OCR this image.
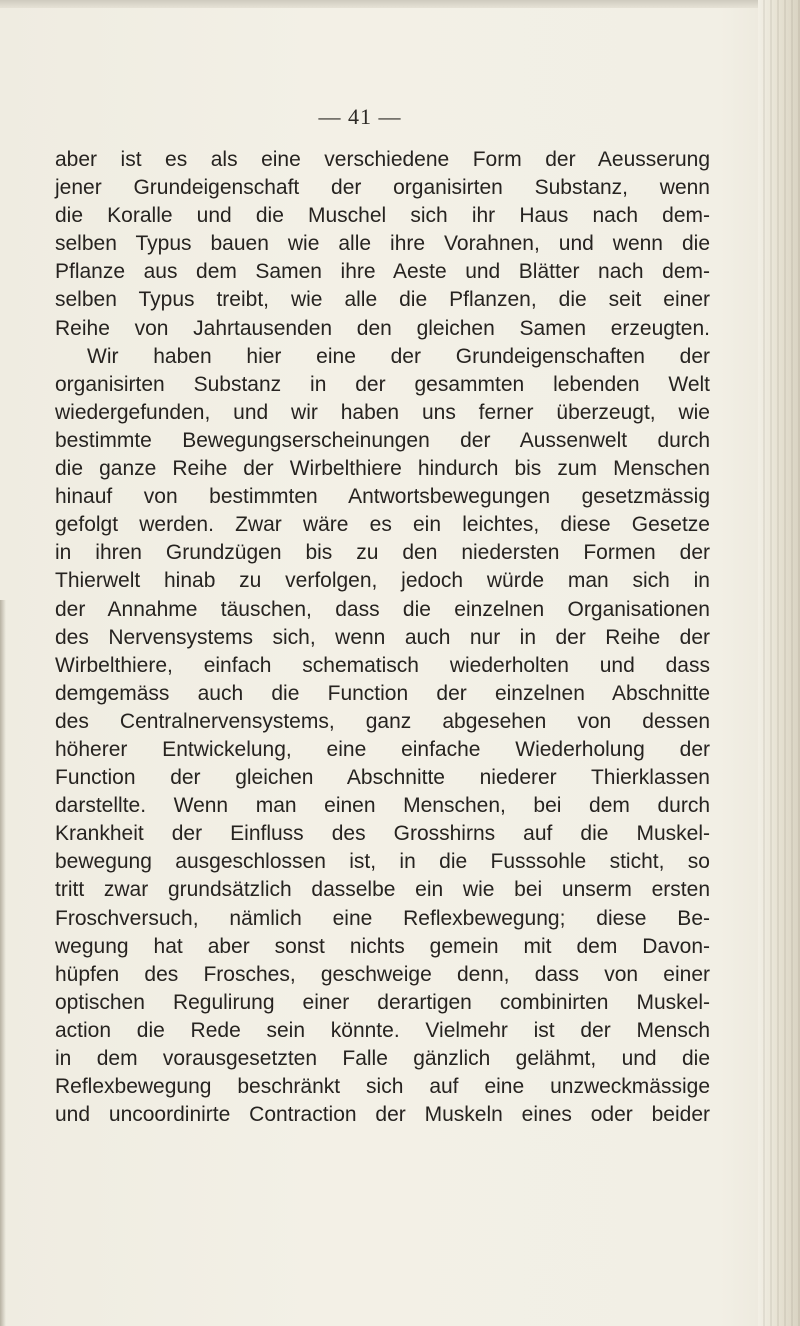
— 41 —
aber ist es als eine verschiedene Form der Aeusserung
jener Grundeigenschaft der organisirten Substanz, wenn
die Koralle und die Muschel sich ihr Haus nach dem-
selben Typus bauen wie alle ihre Vorahnen, und wenn die
Pflanze aus dem Samen ihre Aeste und Blätter nach dem-
selben Typus treibt, wie alle die Pflanzen, die seit einer
Reihe von Jahrtausenden den gleichen Samen erzeugten.
Wir haben hier eine der Grundeigenschaften der
organisirten Substanz in der gesammten lebenden Welt
wiedergefunden, und wir haben uns ferner überzeugt, wie
bestimmte Bewegungserscheinungen der Aussenwelt durch
die ganze Reihe der Wirbelthiere hindurch bis zum Menschen
hinauf von bestimmten Antwortsbewegungen gesetzmässig
gefolgt werden. Zwar wäre es ein leichtes, diese Gesetze
in ihren Grundzügen bis zu den niedersten Formen der
Thierwelt hinab zu verfolgen, jedoch würde man sich in
der Annahme täuschen, dass die einzelnen Organisationen
des Nervensystems sich, wenn auch nur in der Reihe der
Wirbelthiere, einfach schematisch wiederholten und dass
demgemäss auch die Function der einzelnen Abschnitte
des Centralnervensystems, ganz abgesehen von dessen
höherer Entwickelung, eine einfache Wiederholung der
Function der gleichen Abschnitte niederer Thierklassen
darstellte. Wenn man einen Menschen, bei dem durch
Krankheit der Einfluss des Grosshirns auf die Muskel-
bewegung ausgeschlossen ist, in die Fusssohle sticht, so
tritt zwar grundsätzlich dasselbe ein wie bei unserm ersten
Froschversuch, nämlich eine Reflexbewegung; diese Be-
wegung hat aber sonst nichts gemein mit dem Davon-
hüpfen des Frosches, geschweige denn, dass von einer
optischen Regulirung einer derartigen combinirten Muskel-
action die Rede sein könnte. Vielmehr ist der Mensch
in dem vorausgesetzten Falle gänzlich gelähmt, und die
Reflexbewegung beschränkt sich auf eine unzweckmässige
und uncoordinirte Contraction der Muskeln eines oder beider
